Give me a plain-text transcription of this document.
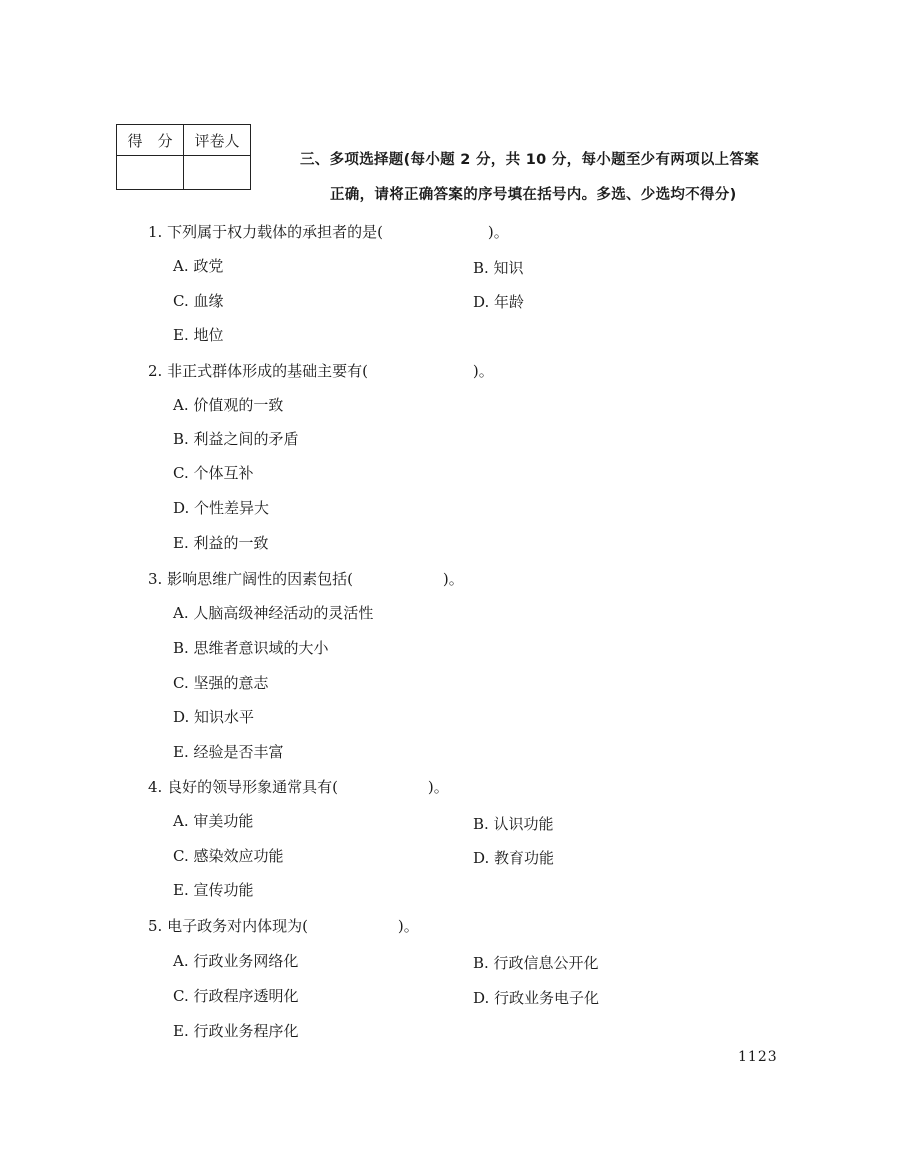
得　分	评卷人

三、多项选择题(每小题 2 分，共 10 分，每小题至少有两项以上答案
正确，请将正确答案的序号填在括号内。多选、少选均不得分)
1. 下列属于权力载体的承担者的是(　　　　　　　)。
A. 政党	B. 知识
C. 血缘	D. 年龄
E. 地位
2. 非正式群体形成的基础主要有(　　　　　　　)。
A. 价值观的一致
B. 利益之间的矛盾
C. 个体互补
D. 个性差异大
E. 利益的一致
3. 影响思维广阔性的因素包括(　　　　　　)。
A. 人脑高级神经活动的灵活性
B. 思维者意识域的大小
C. 坚强的意志
D. 知识水平
E. 经验是否丰富
4. 良好的领导形象通常具有(　　　　　　)。
A. 审美功能	B. 认识功能
C. 感染效应功能	D. 教育功能
E. 宣传功能
5. 电子政务对内体现为(　　　　　　)。
A. 行政业务网络化	B. 行政信息公开化
C. 行政程序透明化	D. 行政业务电子化
E. 行政业务程序化
1123
